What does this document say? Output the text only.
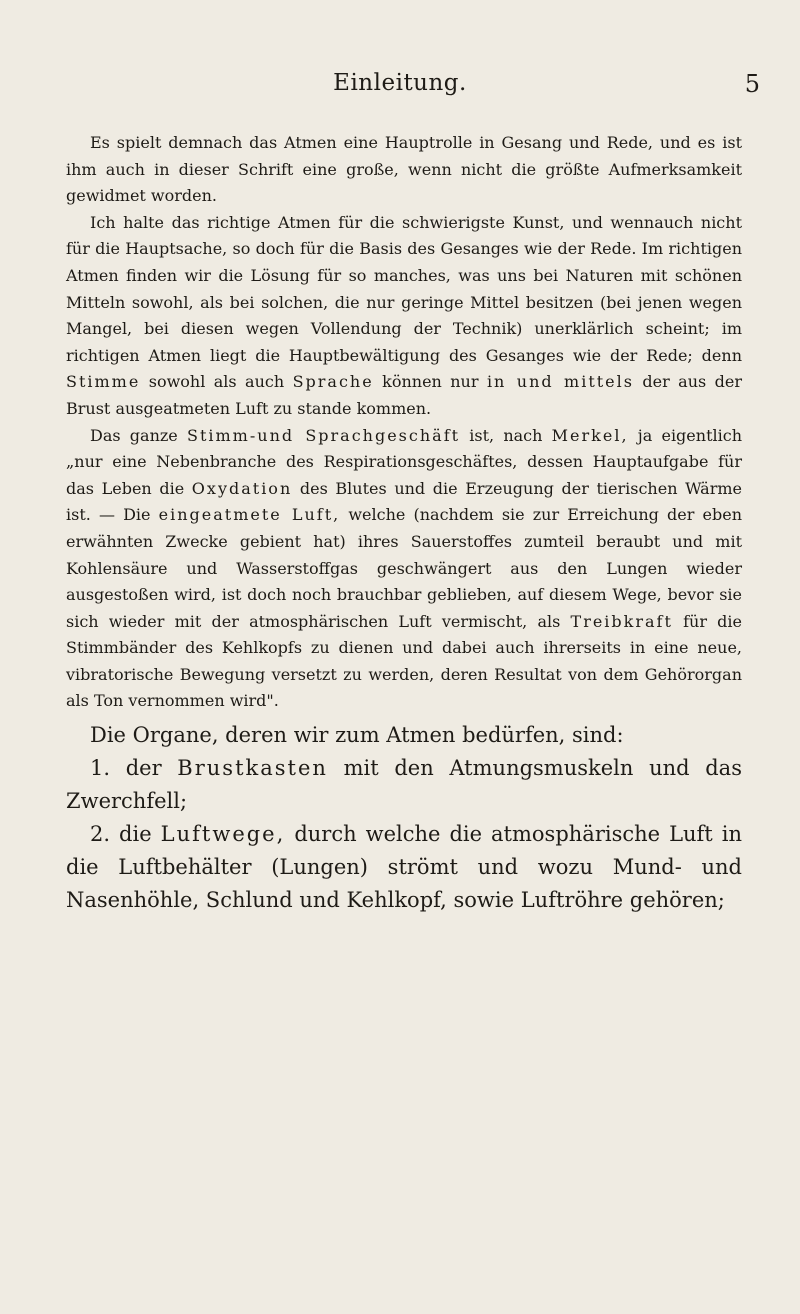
Einleitung.	5

Es spielt demnach das Atmen eine Hauptrolle in Gesang und Rede, und es ist ihm auch in dieser Schrift eine große, wenn nicht die größte Aufmerksamkeit gewidmet worden.

Ich halte das richtige Atmen für die schwierigste Kunst, und wennauch nicht für die Hauptsache, so doch für die Basis des Gesanges wie der Rede. Im richtigen Atmen finden wir die Lösung für so manches, was uns bei Naturen mit schönen Mitteln sowohl, als bei solchen, die nur geringe Mittel besitzen (bei jenen wegen Mangel, bei diesen wegen Vollendung der Technik) unerklärlich scheint; im richtigen Atmen liegt die Hauptbewältigung des Gesanges wie der Rede; denn Stimme sowohl als auch Sprache können nur in und mittels der aus der Brust ausgeatmeten Luft zu stande kommen.

Das ganze Stimm-und Sprachgeschäft ist, nach Merkel, ja eigentlich „nur eine Nebenbranche des Respirationsgeschäftes, dessen Hauptaufgabe für das Leben die Oxydation des Blutes und die Erzeugung der tierischen Wärme ist. — Die eingeatmete Luft, welche (nachdem sie zur Erreichung der eben erwähnten Zwecke gebient hat) ihres Sauerstoffes zumteil beraubt und mit Kohlensäure und Wasserstoffgas geschwängert aus den Lungen wieder ausgestoßen wird, ist doch noch brauchbar geblieben, auf diesem Wege, bevor sie sich wieder mit der atmosphärischen Luft vermischt, als Treibkraft für die Stimmbänder des Kehlkopfs zu dienen und dabei auch ihrerseits in eine neue, vibratorische Bewegung versetzt zu werden, deren Resultat von dem Gehörorgan als Ton vernommen wird".

Die Organe, deren wir zum Atmen bedürfen, sind:

1. der Brustkasten mit den Atmungsmuskeln und das Zwerchfell;
2. die Luftwege, durch welche die atmosphärische Luft in die Luftbehälter (Lungen) strömt und wozu Mund- und Nasenhöhle, Schlund und Kehlkopf, sowie Luftröhre gehören;
